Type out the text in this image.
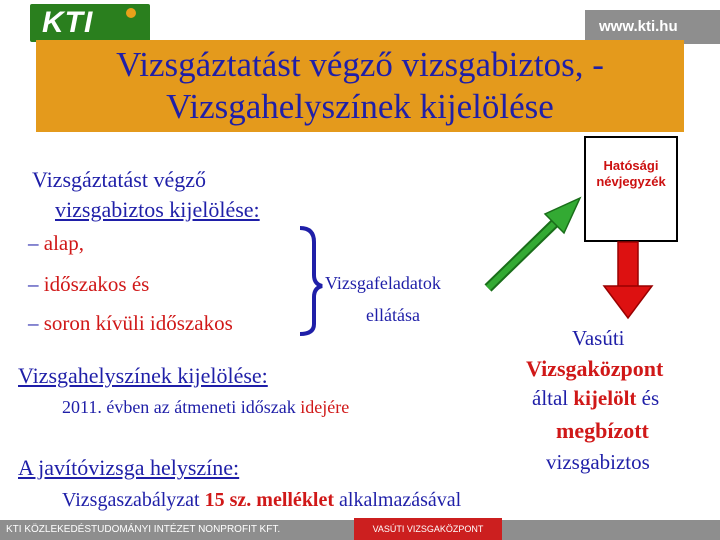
KTI	www.kti.hu
Vizsgáztatást végző vizsgabiztos, -
Vizsgahelyszínek kijelölése
Hatósági
névjegyzék
Vizsgáztatást végző
vizsgabiztos kijelölése:
– alap,
– időszakos és
– soron kívüli időszakos
Vizsgafeladatok
ellátása
Vizsgahelyszínek kijelölése:
2011. évben az átmeneti időszak idejére
A javítóvizsga helyszíne:
Vizsgaszabályzat 15 sz. melléklet alkalmazásával
Vasúti
Vizsgaközpont
által kijelölt és
megbízott
vizsgabiztos
KTI KÖZLEKEDÉSTUDOMÁNYI INTÉZET NONPROFIT KFT.	VASÚTI VIZSGAKÖZPONT
